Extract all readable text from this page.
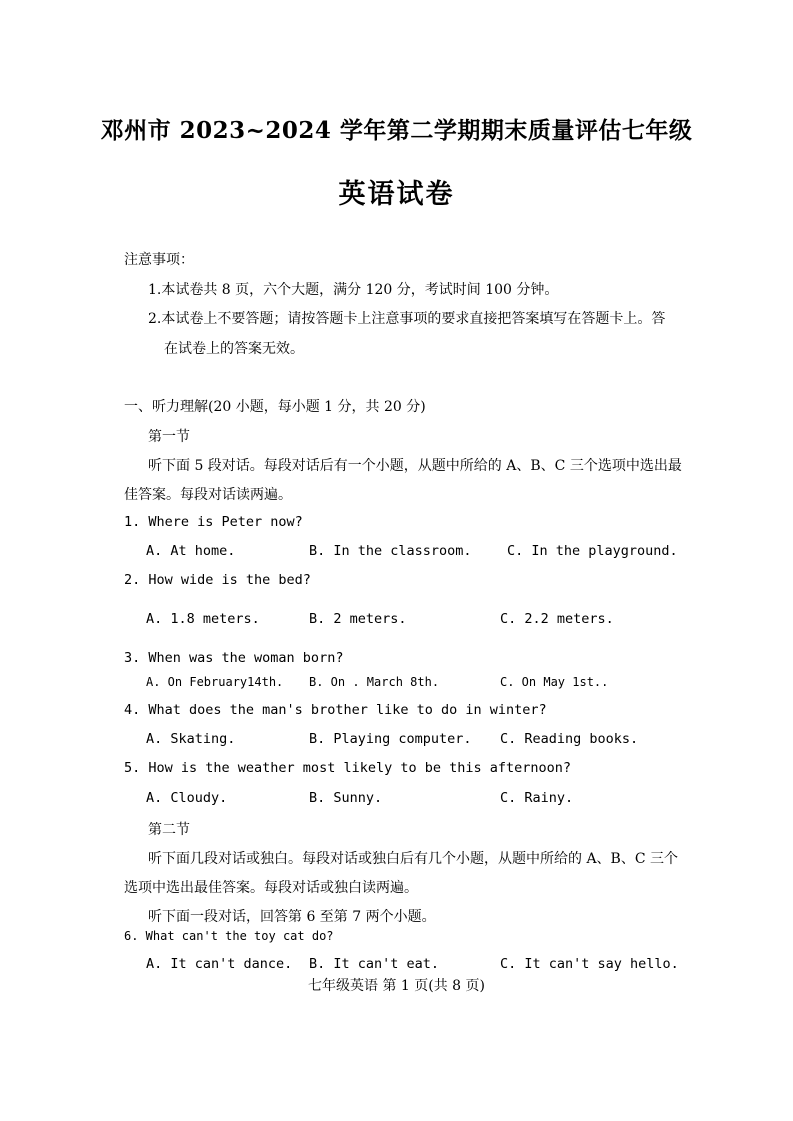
邓州市 2023~2024 学年第二学期期末质量评估七年级
英语试卷
注意事项：
1.本试卷共 8 页，六个大题，满分 120 分，考试时间 100 分钟。
2.本试卷上不要答题；请按答题卡上注意事项的要求直接把答案填写在答题卡上。答
在试卷上的答案无效。
一、听力理解(20 小题，每小题 1 分，共 20 分)
第一节
听下面 5 段对话。每段对话后有一个小题，从题中所给的 A、B、C 三个选项中选出最
佳答案。每段对话读两遍。
1. Where is Peter now?
A. At home.	B. In the classroom.	C. In the playground.
2. How wide is the bed?
A. 1.8 meters.	B. 2 meters.	C. 2.2 meters.
3. When was the woman born?
A. On February14th. B. On . March 8th.	C. On May 1st..
4. What does the man's brother like to do in winter?
A. Skating.	B. Playing computer. C. Reading books.
5. How is the weather most likely to be this afternoon?
A. Cloudy.	B. Sunny.	C. Rainy.
第二节
听下面几段对话或独白。每段对话或独白后有几个小题，从题中所给的 A、B、C 三个
选项中选出最佳答案。每段对话或独白读两遍。
听下面一段对话，回答第 6 至第 7 两个小题。
6. What can't the toy cat do?
A. It can't dance. B. It can't eat.	C. It can't say hello.
七年级英语 第 1 页(共 8 页)
